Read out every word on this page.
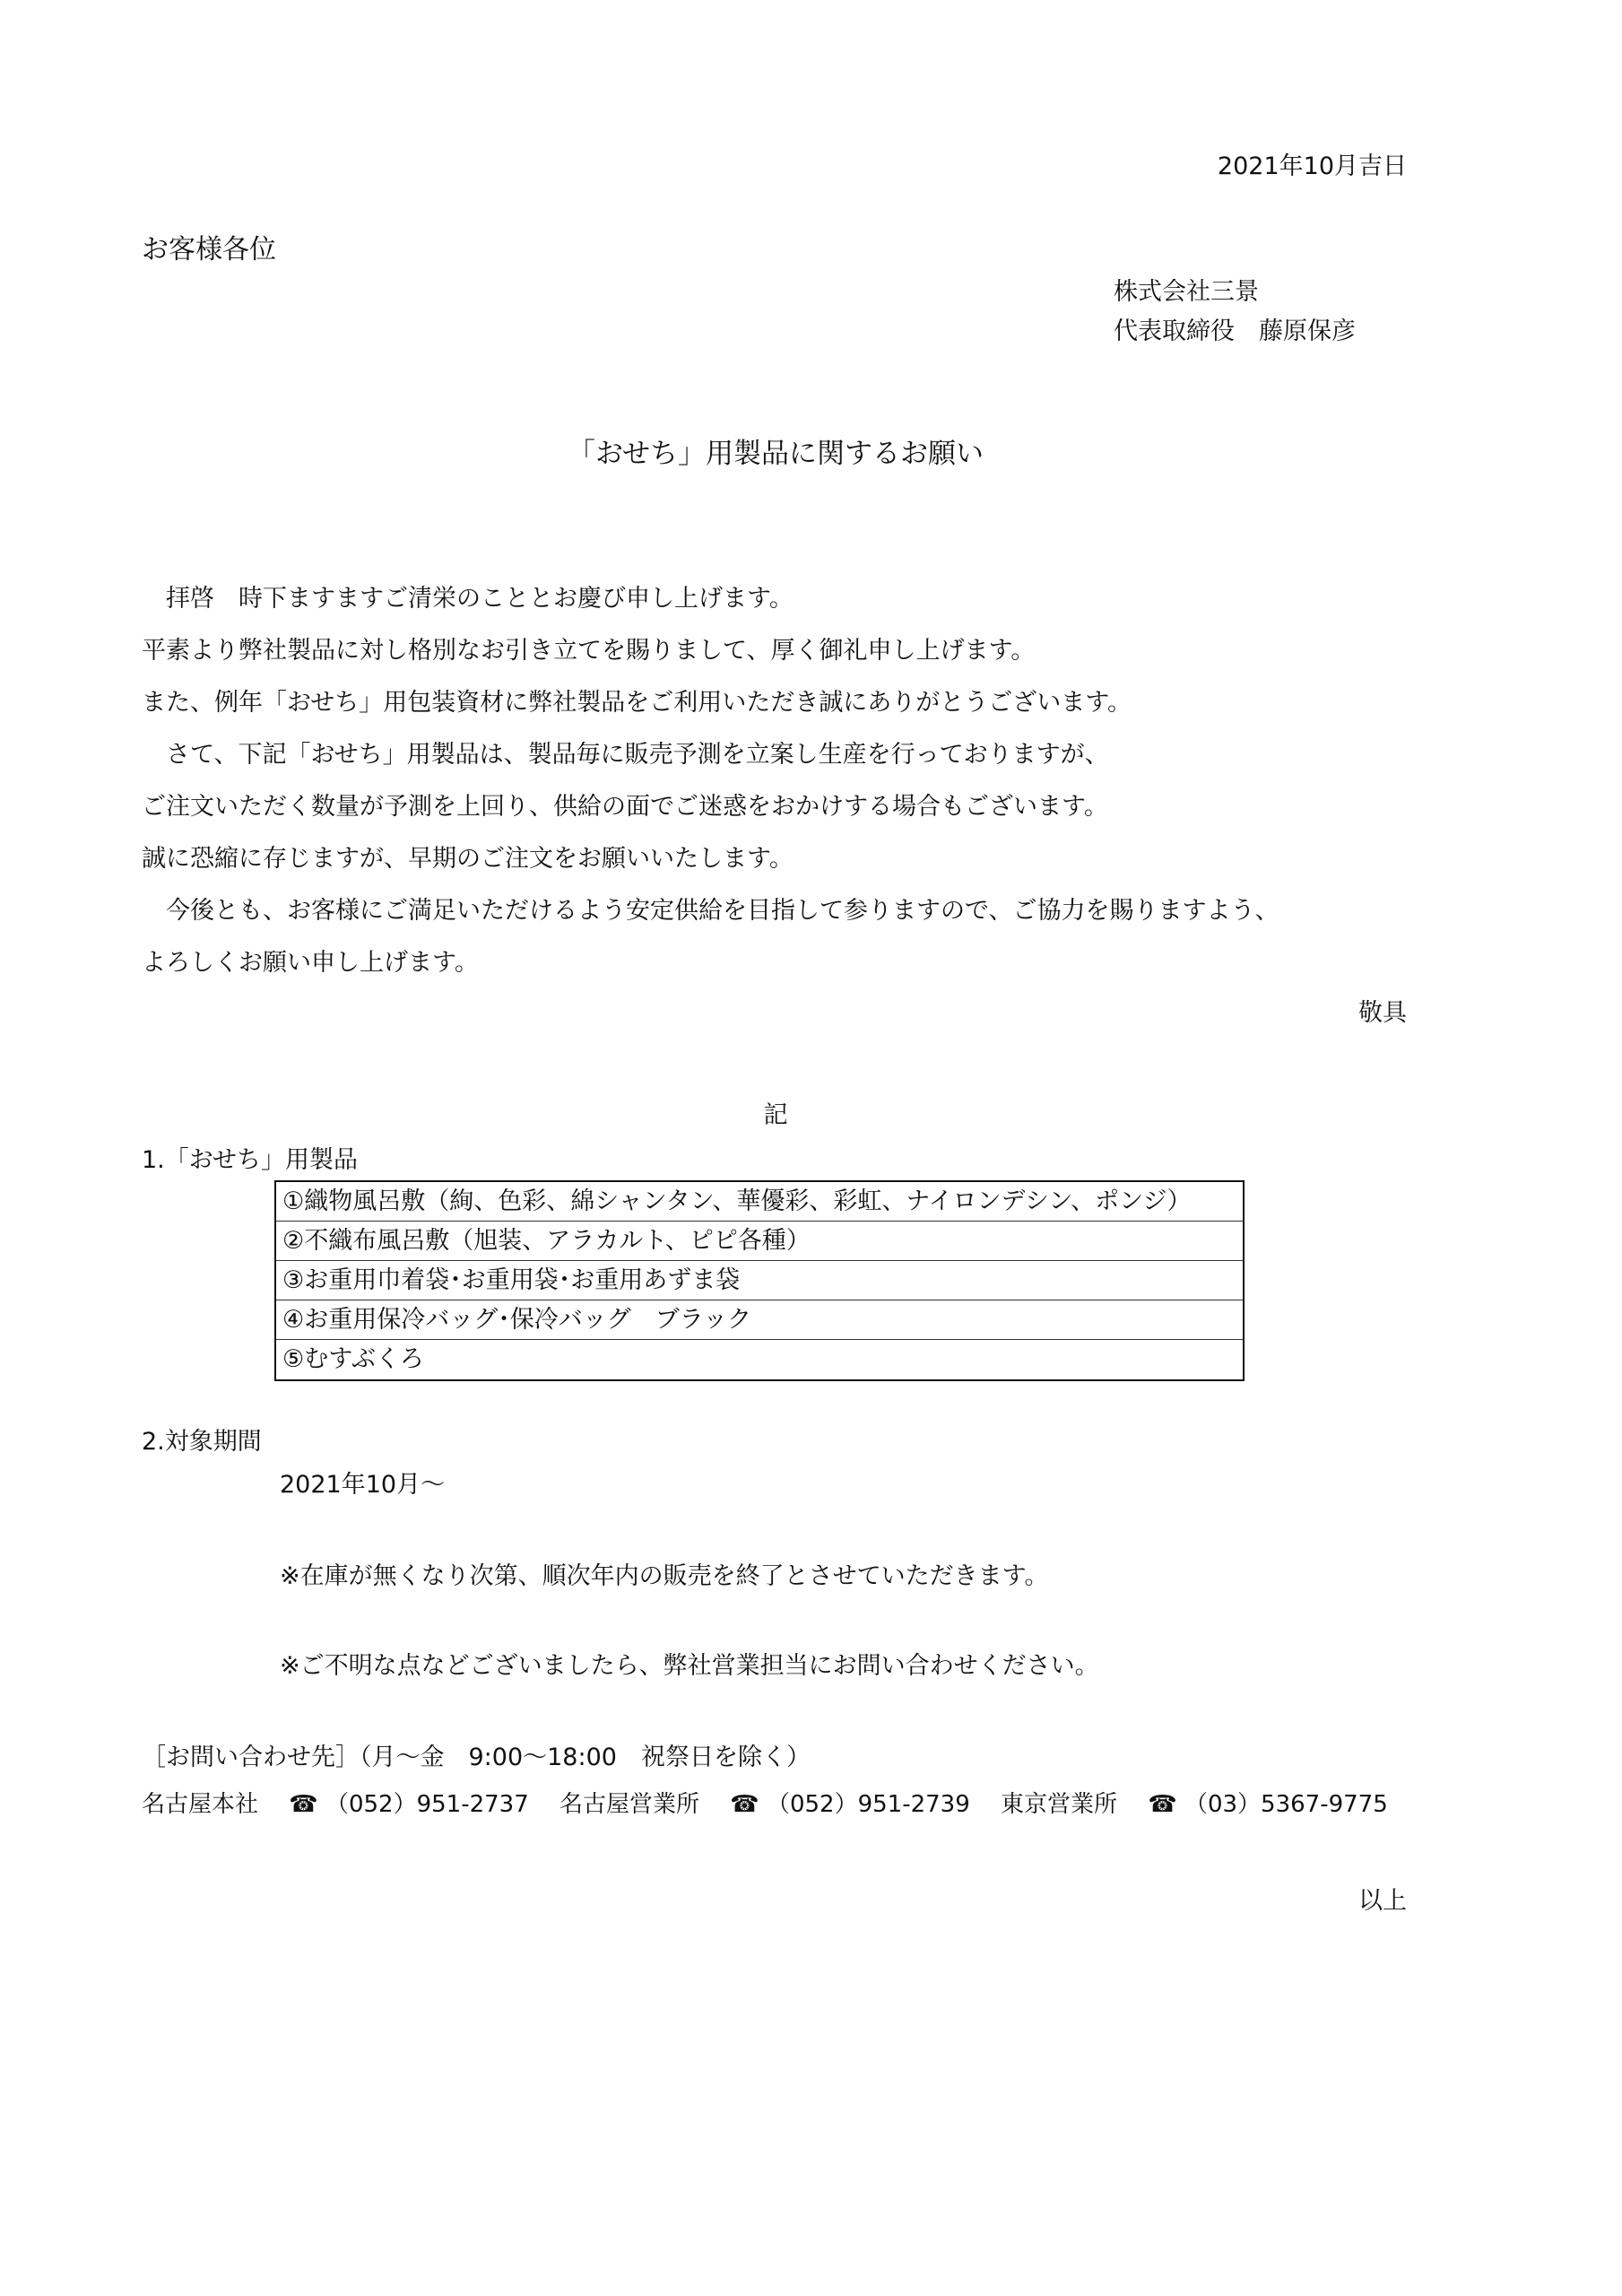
2021年10月吉日
お客様各位
株式会社三景
代表取締役　藤原保彦
「おせち」用製品に関するお願い
　拝啓　時下ますますご清栄のこととお慶び申し上げます。
平素より弊社製品に対し格別なお引き立てを賜りまして、厚く御礼申し上げます。
また、例年「おせち」用包装資材に弊社製品をご利用いただき誠にありがとうございます。
　さて、下記「おせち」用製品は、製品毎に販売予測を立案し生産を行っておりますが、
ご注文いただく数量が予測を上回り、供給の面でご迷惑をおかけする場合もございます。
誠に恐縮に存じますが、早期のご注文をお願いいたします。
　今後とも、お客様にご満足いただけるよう安定供給を目指して参りますので、ご協力を賜りますよう、
よろしくお願い申し上げます。
敬具
記
1.「おせち」用製品
①織物風呂敷（絢、色彩、綿シャンタン、華優彩、彩虹、ナイロンデシン、ポンジ）
②不織布風呂敷（旭装、アラカルト、ピピ各種）
③お重用巾着袋･お重用袋･お重用あずま袋
④お重用保冷バッグ･保冷バッグ　ブラック
⑤むすぶくろ
2.対象期間
2021年10月～
※在庫が無くなり次第、順次年内の販売を終了とさせていただきます。
※ご不明な点などございましたら、弊社営業担当にお問い合わせください。
［お問い合わせ先］（月～金　9:00～18:00　祝祭日を除く）
名古屋本社   ☎ （052）951-2737   名古屋営業所   ☎ （052）951-2739   東京営業所   ☎ （03）5367-9775
以上
